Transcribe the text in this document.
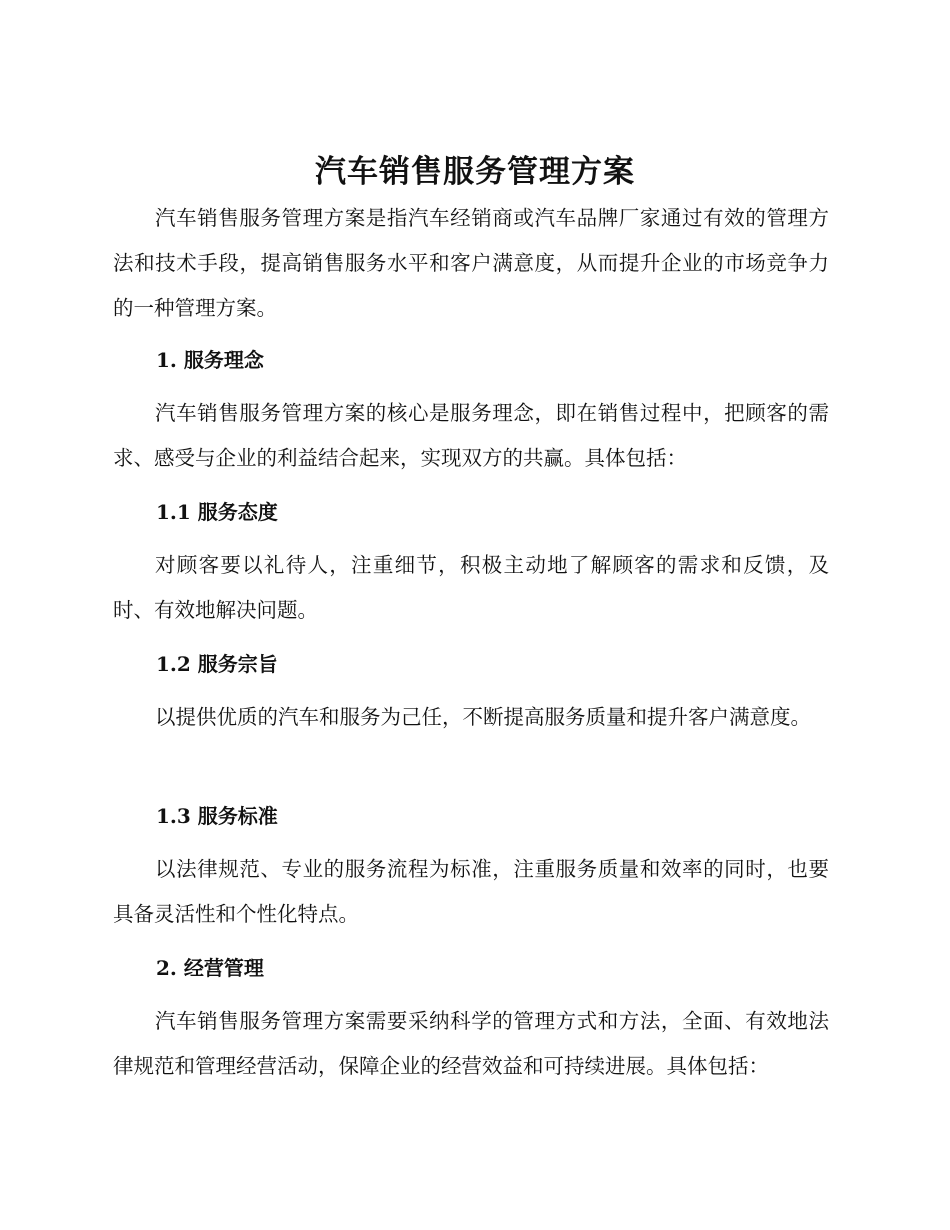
汽车销售服务管理方案

汽车销售服务管理方案是指汽车经销商或汽车品牌厂家通过有效的管理方法和技术手段，提高销售服务水平和客户满意度，从而提升企业的市场竞争力的一种管理方案。

1. 服务理念

汽车销售服务管理方案的核心是服务理念，即在销售过程中，把顾客的需求、感受与企业的利益结合起来，实现双方的共赢。具体包括：

1.1 服务态度

对顾客要以礼待人，注重细节，积极主动地了解顾客的需求和反馈，及时、有效地解决问题。

1.2 服务宗旨

以提供优质的汽车和服务为己任，不断提高服务质量和提升客户满意度。

1.3 服务标准

以法律规范、专业的服务流程为标准，注重服务质量和效率的同时，也要具备灵活性和个性化特点。

2. 经营管理

汽车销售服务管理方案需要采纳科学的管理方式和方法，全面、有效地法律规范和管理经营活动，保障企业的经营效益和可持续进展。具体包括：
